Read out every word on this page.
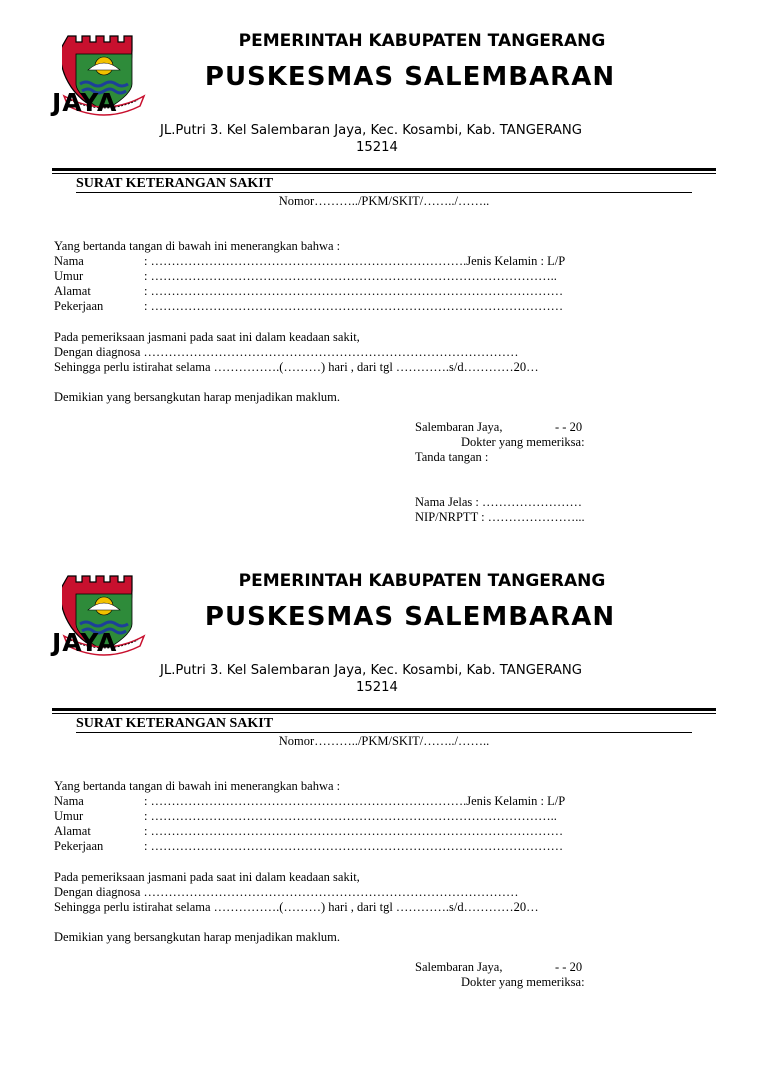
JAYA
PEMERINTAH KABUPATEN TANGERANG
PUSKESMAS SALEMBARAN
JL.Putri 3. Kel Salembaran Jaya, Kec. Kosambi, Kab. TANGERANG
15214
SURAT KETERANGAN SAKIT
Nomor………../PKM/SKIT/……../……..
Yang bertanda tangan di bawah ini menerangkan bahwa :
Nama	: ………………………………………………………………….Jenis Kelamin : L/P
Umur	: ……………………………………………………………………………………..
Alamat	: ………………………………………………………………………………………
Pekerjaan	: ………………………………………………………………………………………
Pada pemeriksaan jasmani pada saat ini dalam keadaan sakit,
Dengan diagnosa ………………………………………………………………………………
Sehingga perlu istirahat selama …………….(………) hari , dari tgl ………….s/d…………20…
Demikian yang bersangkutan harap menjadikan maklum.
Salembaran Jaya,	- - 20
Dokter yang memeriksa:
Tanda tangan :
Nama Jelas : ……………………
NIP/NRPTT : …………………...
JAYA
PEMERINTAH KABUPATEN TANGERANG
PUSKESMAS SALEMBARAN
JL.Putri 3. Kel Salembaran Jaya, Kec. Kosambi, Kab. TANGERANG
15214
SURAT KETERANGAN SAKIT
Nomor………../PKM/SKIT/……../……..
Yang bertanda tangan di bawah ini menerangkan bahwa :
Nama	: ………………………………………………………………….Jenis Kelamin : L/P
Umur	: ……………………………………………………………………………………..
Alamat	: ………………………………………………………………………………………
Pekerjaan	: ………………………………………………………………………………………
Pada pemeriksaan jasmani pada saat ini dalam keadaan sakit,
Dengan diagnosa ………………………………………………………………………………
Sehingga perlu istirahat selama …………….(………) hari , dari tgl ………….s/d…………20…
Demikian yang bersangkutan harap menjadikan maklum.
Salembaran Jaya,	- - 20
Dokter yang memeriksa:
